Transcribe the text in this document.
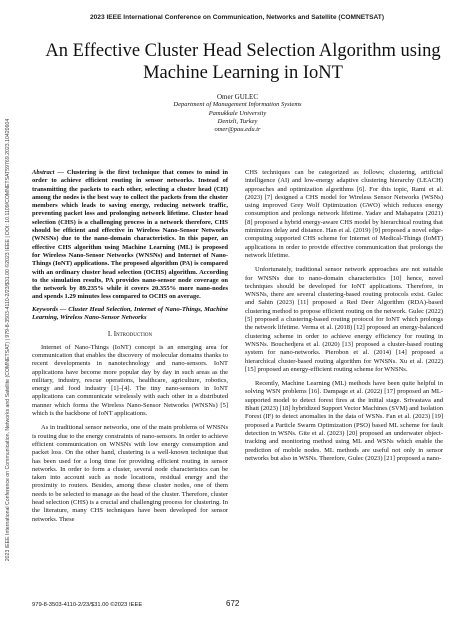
2023 IEEE International Conference on Communication, Networks and Satellite (COMNETSAT)
2023 IEEE International Conference on Communication, Networks and Satellite (COMNETSAT) | 979-8-3503-4110-2/23/$31.00 ©2023 IEEE | DOI: 10.1109/COMNETSAT59769.2023.10420604
An Effective Cluster Head Selection Algorithm using Machine Learning in IoNT
Omer GULEC
Department of Management Information Systems
Pamukkale University
Denizli, Turkey
omer@pau.edu.tr
Abstract — Clustering is the first technique that comes to mind in order to achieve efficient routing in sensor networks. Instead of transmitting the packets to each other, selecting a cluster head (CH) among the nodes is the best way to collect the packets from the cluster members which leads to saving energy, reducing network traffic, preventing packet loss and prolonging network lifetime. Cluster head selection (CHS) is a challenging process in a network therefore, CHS should be efficient and effective in Wireless Nano-Sensor Networks (WNSNs) due to the nano-domain characteristics. In this paper, an effective CHS algorithm using Machine Learning (ML) is proposed for Wireless Nano-Sensor Networks (WNSNs) and Internet of Nano-Things (IoNT) applications. The proposed algorithm (PA) is compared with an ordinary cluster head selection (OCHS) algorithm. According to the simulation results, PA provides nano-sensor node coverage on the network by 89.235% while it covers 20.355% more nano-nodes and spends 1.29 minutes less compared to OCHS on average.
Keywords — Cluster Head Selection, Internet of Nano-Things, Machine Learning, Wireless Nano-Sensor Networks
I. Introduction

Internet of Nano-Things (IoNT) concept is an emerging area for communication that enables the discovery of molecular domains thanks to recent developments in nanotechnology and nano-sensors. IoNT applications have become more popular day by day in such areas as the military, industry, rescue operations, healthcare, agriculture, robotics, energy and food industry [1]–[4]. The tiny nano-sensors in IoNT applications can communicate wirelessly with each other in a distributed manner which forms the Wireless Nano-Sensor Networks (WNSNs) [5] which is the backbone of IoNT applications.

As in traditional sensor networks, one of the main problems of WNSNs is routing due to the energy constraints of nano-sensors. In order to achieve efficient communication on WNSNs with low energy consumption and packet loss. On the other hand, clustering is a well-known technique that has been used for a long time for providing efficient routing in sensor networks. In order to form a cluster, several node characteristics can be taken into account such as node locations, residual energy and the proximity to routers. Besides, among these cluster nodes, one of them needs to be selected to manage as the head of the cluster. Therefore, cluster head selection (CHS) is a crucial and challenging process for clustering. In the literature, many CHS techniques have been developed for sensor networks. These

CHS techniques can be categorized as follows; clustering, artificial intelligence (AI) and low-energy adaptive clustering hierarchy (LEACH) approaches and optimization algorithms [6]. For this topic, Rami et al. (2023) [7] designed a CHS model for Wireless Sensor Networks (WSNs) using improved Grey Wolf Optimization (GWO) which reduces energy consumption and prolongs network lifetime. Yadav and Mahapatra (2021) [8] proposed a hybrid energy-aware CHS model by hierarchical routing that minimizes delay and distance. Han et al. (2019) [9] proposed a novel edge-computing supported CHS scheme for Internet of Medical-Things (IoMT) applications in order to provide effective communication that prolongs the network lifetime.

Unfortunately, traditional sensor network approaches are not suitable for WNSNs due to nano-domain characteristics [10] hence, novel techniques should be developed for IoNT applications. Therefore, in WNSNs, there are several clustering-based routing protocols exist. Gulec and Sahin (2023) [11] proposed a Red Deer Algorithm (RDA)-based clustering method to propose efficient routing on the network. Gulec (2022) [5] proposed a clustering-based routing protocol for IoNT which prolongs the network lifetime. Verma et al. (2018) [12] proposed an energy-balanced clustering scheme in order to achieve energy efficiency for routing in WNSNs. Bouchedjera et al. (2020) [13] proposed a cluster-based routing system for nano-networks. Pierobon et al. (2014) [14] proposed a hierarchical cluster-based routing algorithm for WNSNs. Xu et al. (2022) [15] proposed an energy-efficient routing scheme for WNSNs.

Recently, Machine Learning (ML) methods have been quite helpful in solving WSN problems [16]. Dampage et al. (2022) [17] proposed an ML-supported model to detect forest fires at the initial stage. Srivastava and Bhatt (2023) [18] hybridized Support Vector Machines (SVM) and Isolation Forest (IF) to detect anomalies in the data of WSNs. Fan et al. (2023) [19] proposed a Particle Swarm Optimization (PSO) based ML scheme for fault detection in WSNs. Gite et al. (2023) [20] proposed an underwater object-tracking and monitoring method using ML and WSNs which enable the prediction of mobile nodes. ML methods are useful not only in sensor networks but also in WSNs. Therefore, Gulec (2023) [21] proposed a nano-

979-8-3503-4110-2/23/$31.00 ©2023 IEEE	672
